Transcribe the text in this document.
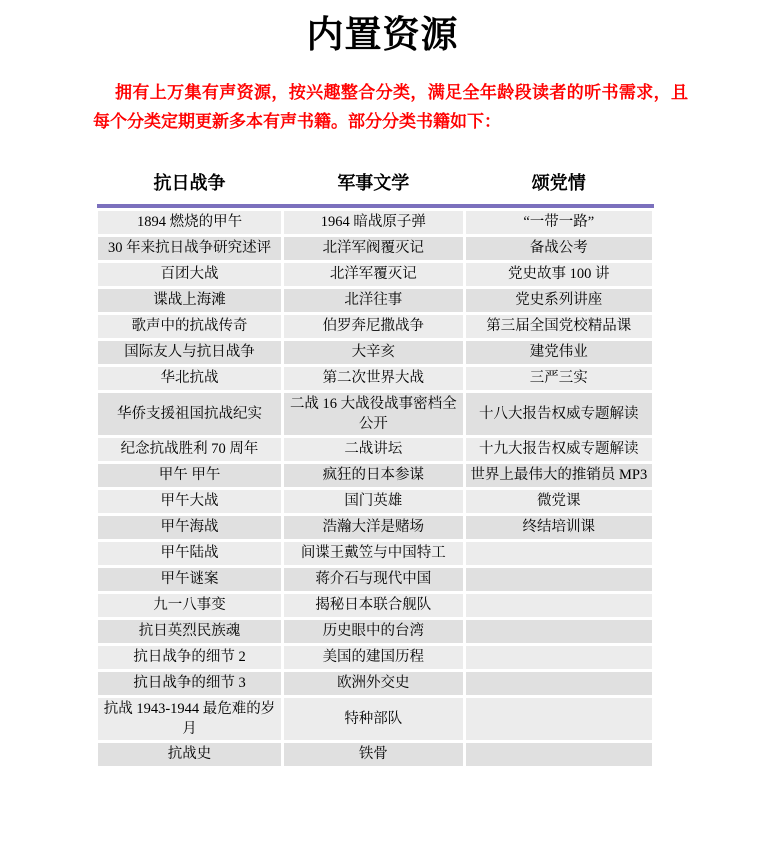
内置资源

拥有上万集有声资源，按兴趣整合分类，满足全年龄段读者的听书需求，且每个分类定期更新多本有声书籍。部分分类书籍如下：

抗日战争	军事文学	颂党情

1894 燃烧的甲午	1964 暗战原子弹	“一带一路”
30 年来抗日战争研究述评	北洋军阀覆灭记	备战公考
百团大战	北洋军覆灭记	党史故事 100 讲
谍战上海滩	北洋往事	党史系列讲座
歌声中的抗战传奇	伯罗奔尼撒战争	第三届全国党校精品课
国际友人与抗日战争	大辛亥	建党伟业
华北抗战	第二次世界大战	三严三实
华侨支援祖国抗战纪实	二战 16 大战役战事密档全公开	十八大报告权威专题解读
纪念抗战胜利 70 周年	二战讲坛	十九大报告权威专题解读
甲午 甲午	疯狂的日本参谋	世界上最伟大的推销员 MP3
甲午大战	国门英雄	微党课
甲午海战	浩瀚大洋是赌场	终结培训课
甲午陆战	间谍王戴笠与中国特工	
甲午谜案	蒋介石与现代中国	
九一八事变	揭秘日本联合舰队	
抗日英烈民族魂	历史眼中的台湾	
抗日战争的细节 2	美国的建国历程	
抗日战争的细节 3	欧洲外交史	
抗战 1943-1944 最危难的岁月	特种部队	
抗战史	铁骨	
